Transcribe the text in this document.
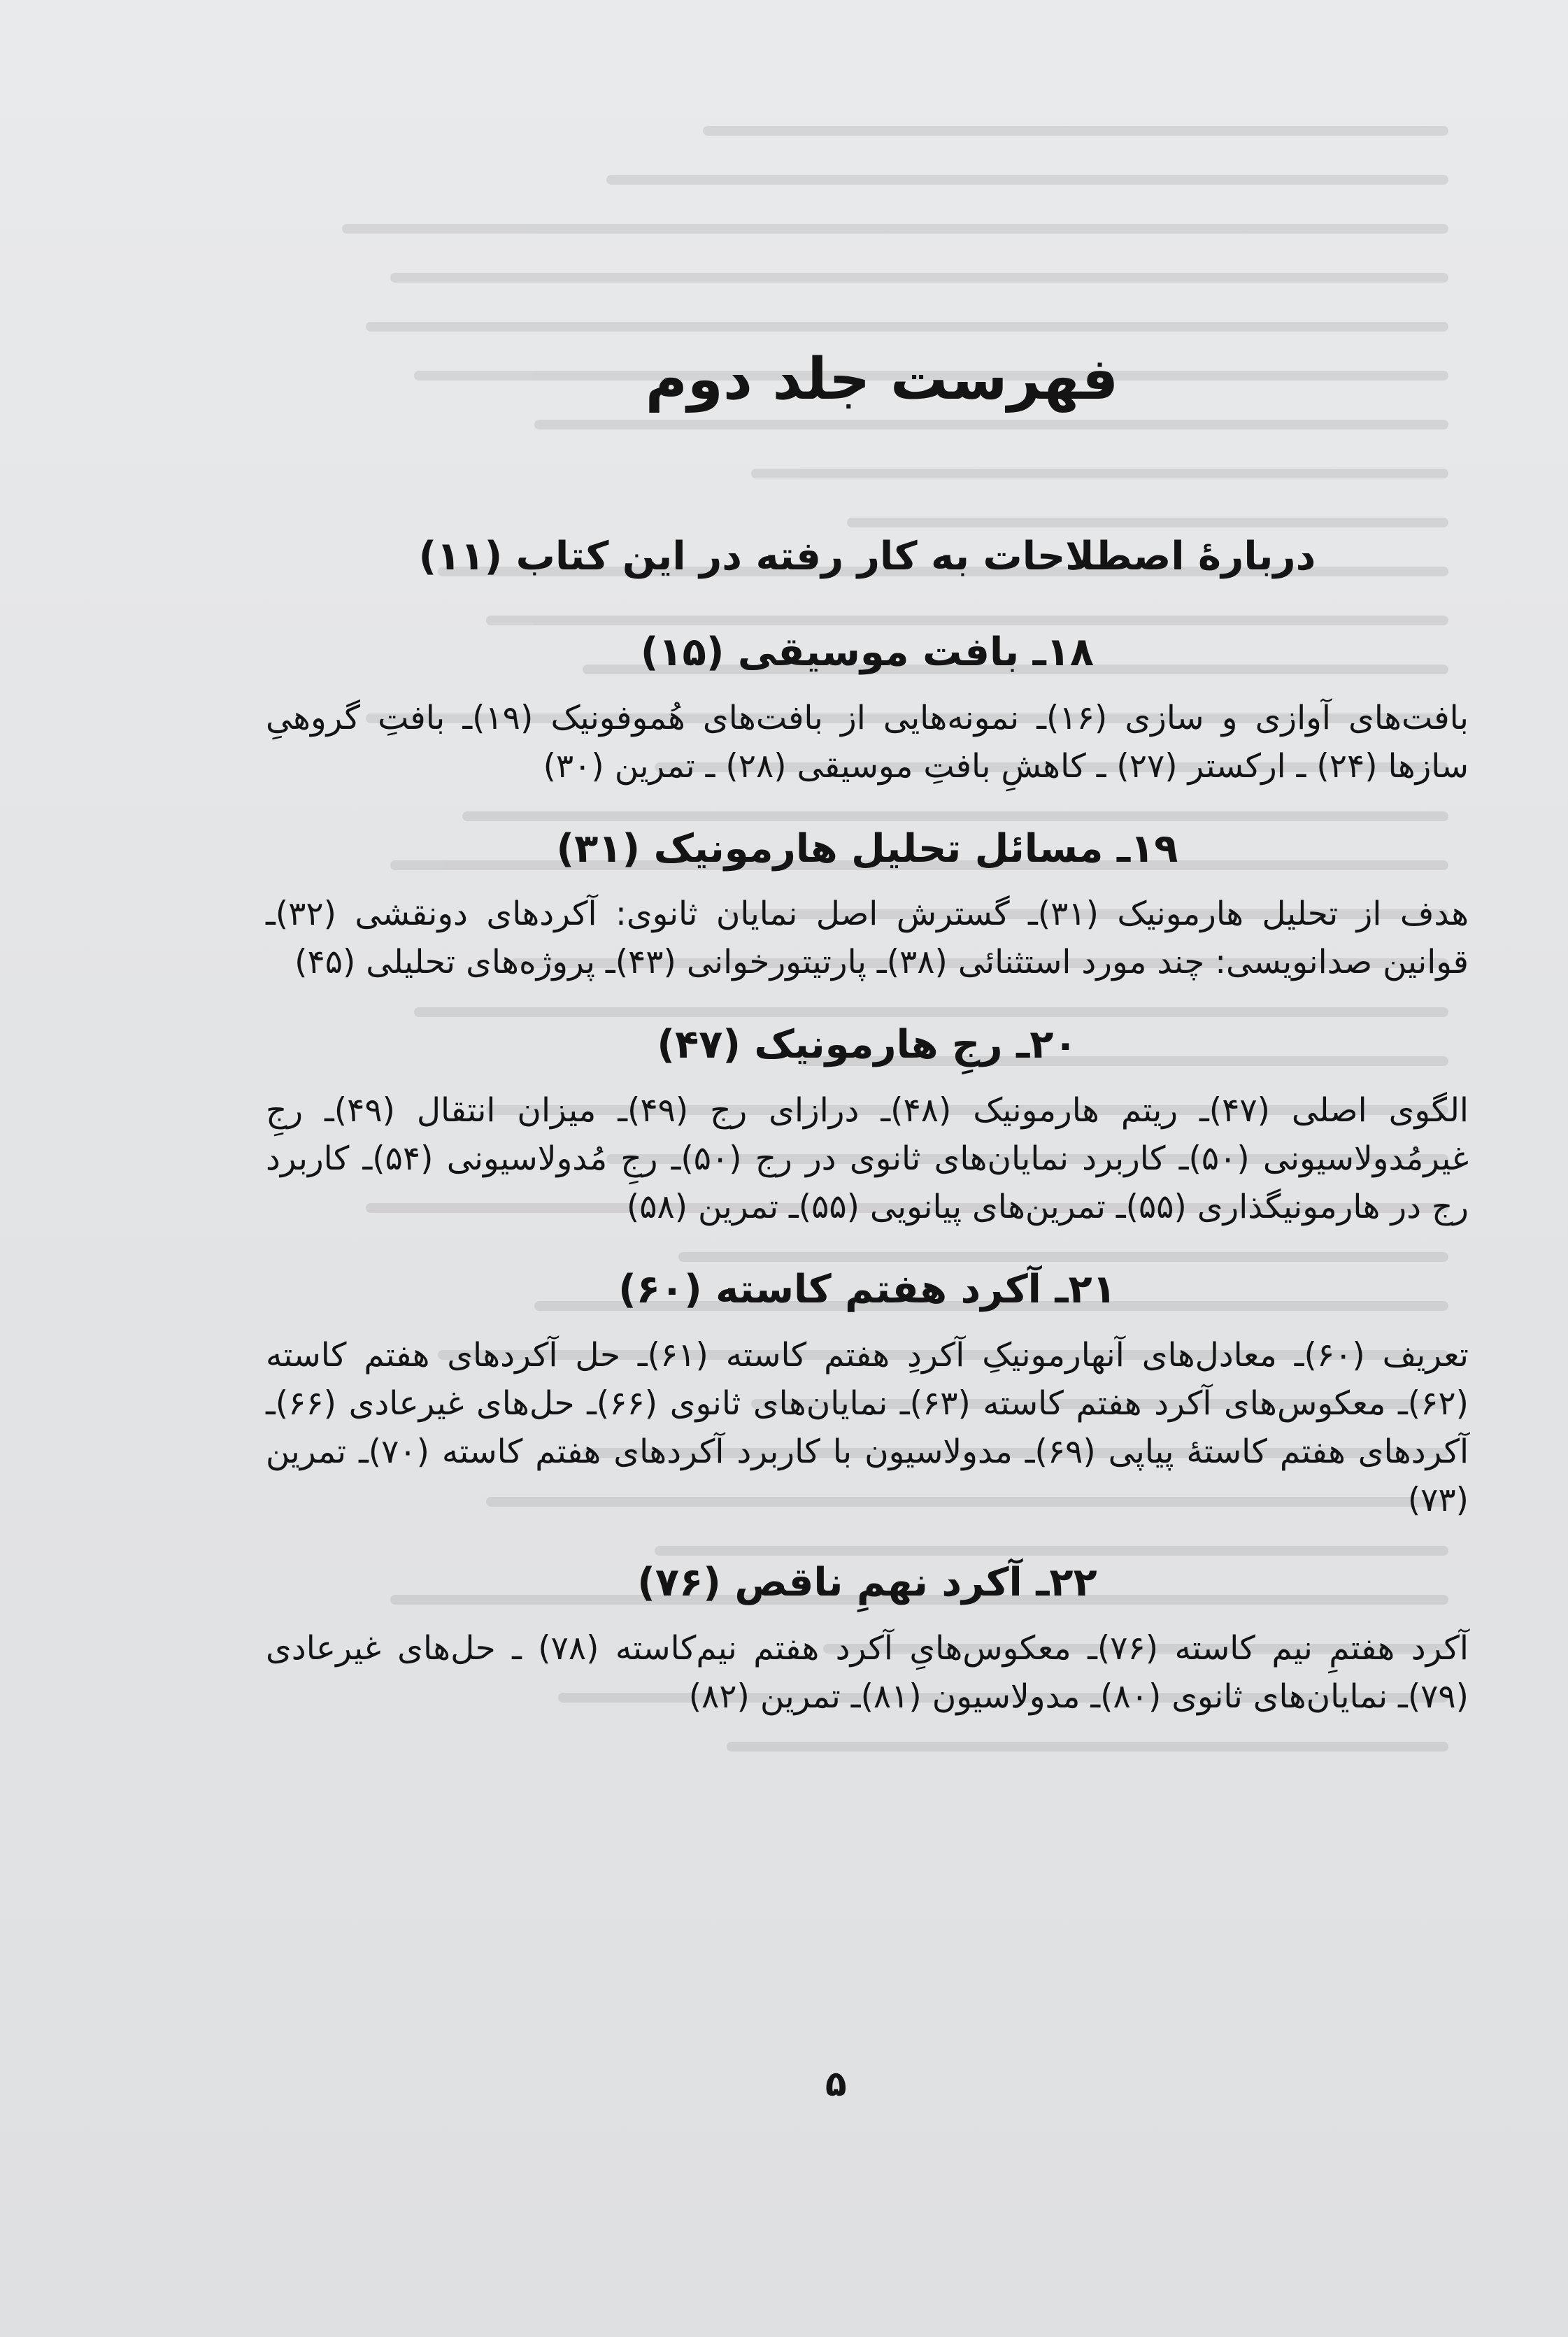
فهرست جلد دوم
دربارهٔ اصطلاحات به کار رفته در این کتاب (۱۱)
۱۸ـ بافت موسیقی (۱۵)

بافت‌های آوازی و سازی (۱۶)ـ نمونه‌هایی از بافت‌های هُموفونیک (۱۹)ـ بافتِ گروهیِ سازها (۲۴) ـ ارکستر (۲۷) ـ کاهشِ بافتِ موسیقی (۲۸) ـ تمرین (۳۰)

۱۹ـ مسائل تحلیل هارمونیک (۳۱)

هدف از تحلیل هارمونیک (۳۱)ـ گسترش اصل نمایان ثانوی: آکردهای دونقشی (۳۲)ـ قوانین صدانویسی: چند مورد استثنائی (۳۸)ـ پارتیتورخوانی (۴۳)ـ پروژه‌های تحلیلی (۴۵)

۲۰ـ رجِ هارمونیک (۴۷)

الگوی اصلی (۴۷)ـ ریتم هارمونیک (۴۸)ـ درازای رج (۴۹)ـ میزان انتقال (۴۹)ـ رجِ غیرمُدولاسیونی (۵۰)ـ کاربرد نمایان‌های ثانوی در رج (۵۰)ـ رجِ مُدولاسیونی (۵۴)ـ کاربرد رج در هارمونیگذاری (۵۵)ـ تمرین‌های پیانویی (۵۵)ـ تمرین (۵۸)

۲۱ـ آکرد هفتم کاسته (۶۰)

تعریف (۶۰)ـ معادل‌های آنهارمونیکِ آکردِ هفتم کاسته (۶۱)ـ حل آکردهای هفتم کاسته (۶۲)ـ معکوس‌های آکرد هفتم کاسته (۶۳)ـ نمایان‌های ثانوی (۶۶)ـ حل‌های غیرعادی (۶۶)ـ آکردهای هفتم کاستهٔ پیاپی (۶۹)ـ مدولاسیون با کاربرد آکردهای هفتم کاسته (۷۰)ـ تمرین (۷۳)

۲۲ـ آکرد نهمِ ناقص (۷۶)

آکرد هفتمِ نیم کاسته (۷۶)ـ معکوس‌هایِ آکرد هفتم نیم‌کاسته (۷۸) ـ حل‌های غیرعادی (۷۹)ـ نمایان‌های ثانوی (۸۰)ـ مدولاسیون (۸۱)ـ تمرین (۸۲)

۵
